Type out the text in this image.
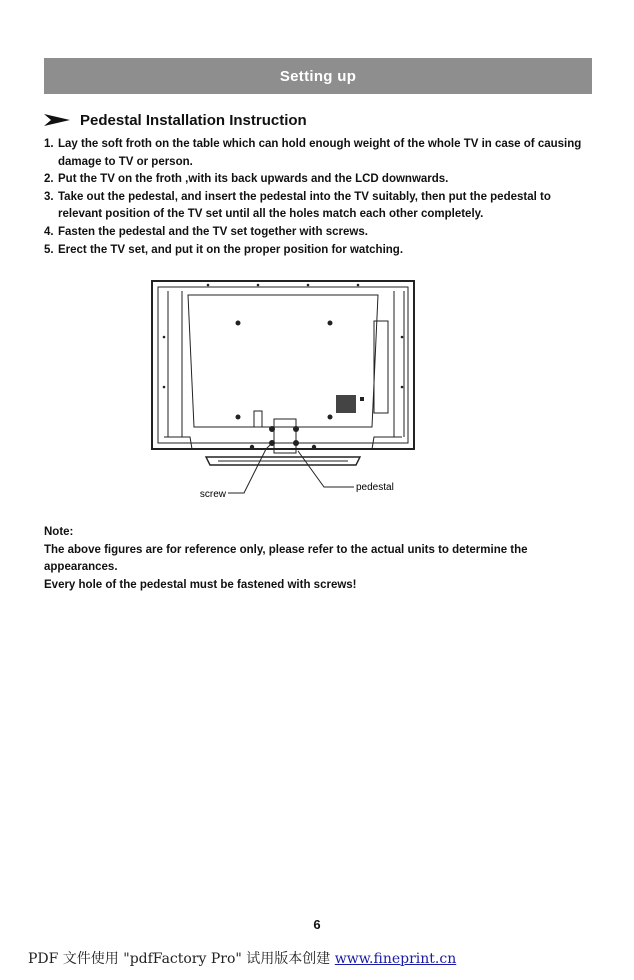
Setting up
Pedestal Installation Instruction
1. Lay the soft froth on the table which can hold enough weight of the whole TV in case of causing damage to TV or person.
2. Put the TV on the froth ,with its back upwards and the LCD downwards.
3. Take out the pedestal, and insert the pedestal into the TV suitably, then put the pedestal to relevant position of the TV set until all the holes match each other completely.
4. Fasten the pedestal and the TV set together with screws.
5. Erect the TV set, and put it on the proper position for watching.
screw
pedestal
Note:
The above figures are for reference only, please refer to the actual units to determine the appearances.
Every hole of the pedestal must be fastened with screws!
6
PDF 文件使用 "pdfFactory Pro" 试用版本创建 www.fineprint.cn
